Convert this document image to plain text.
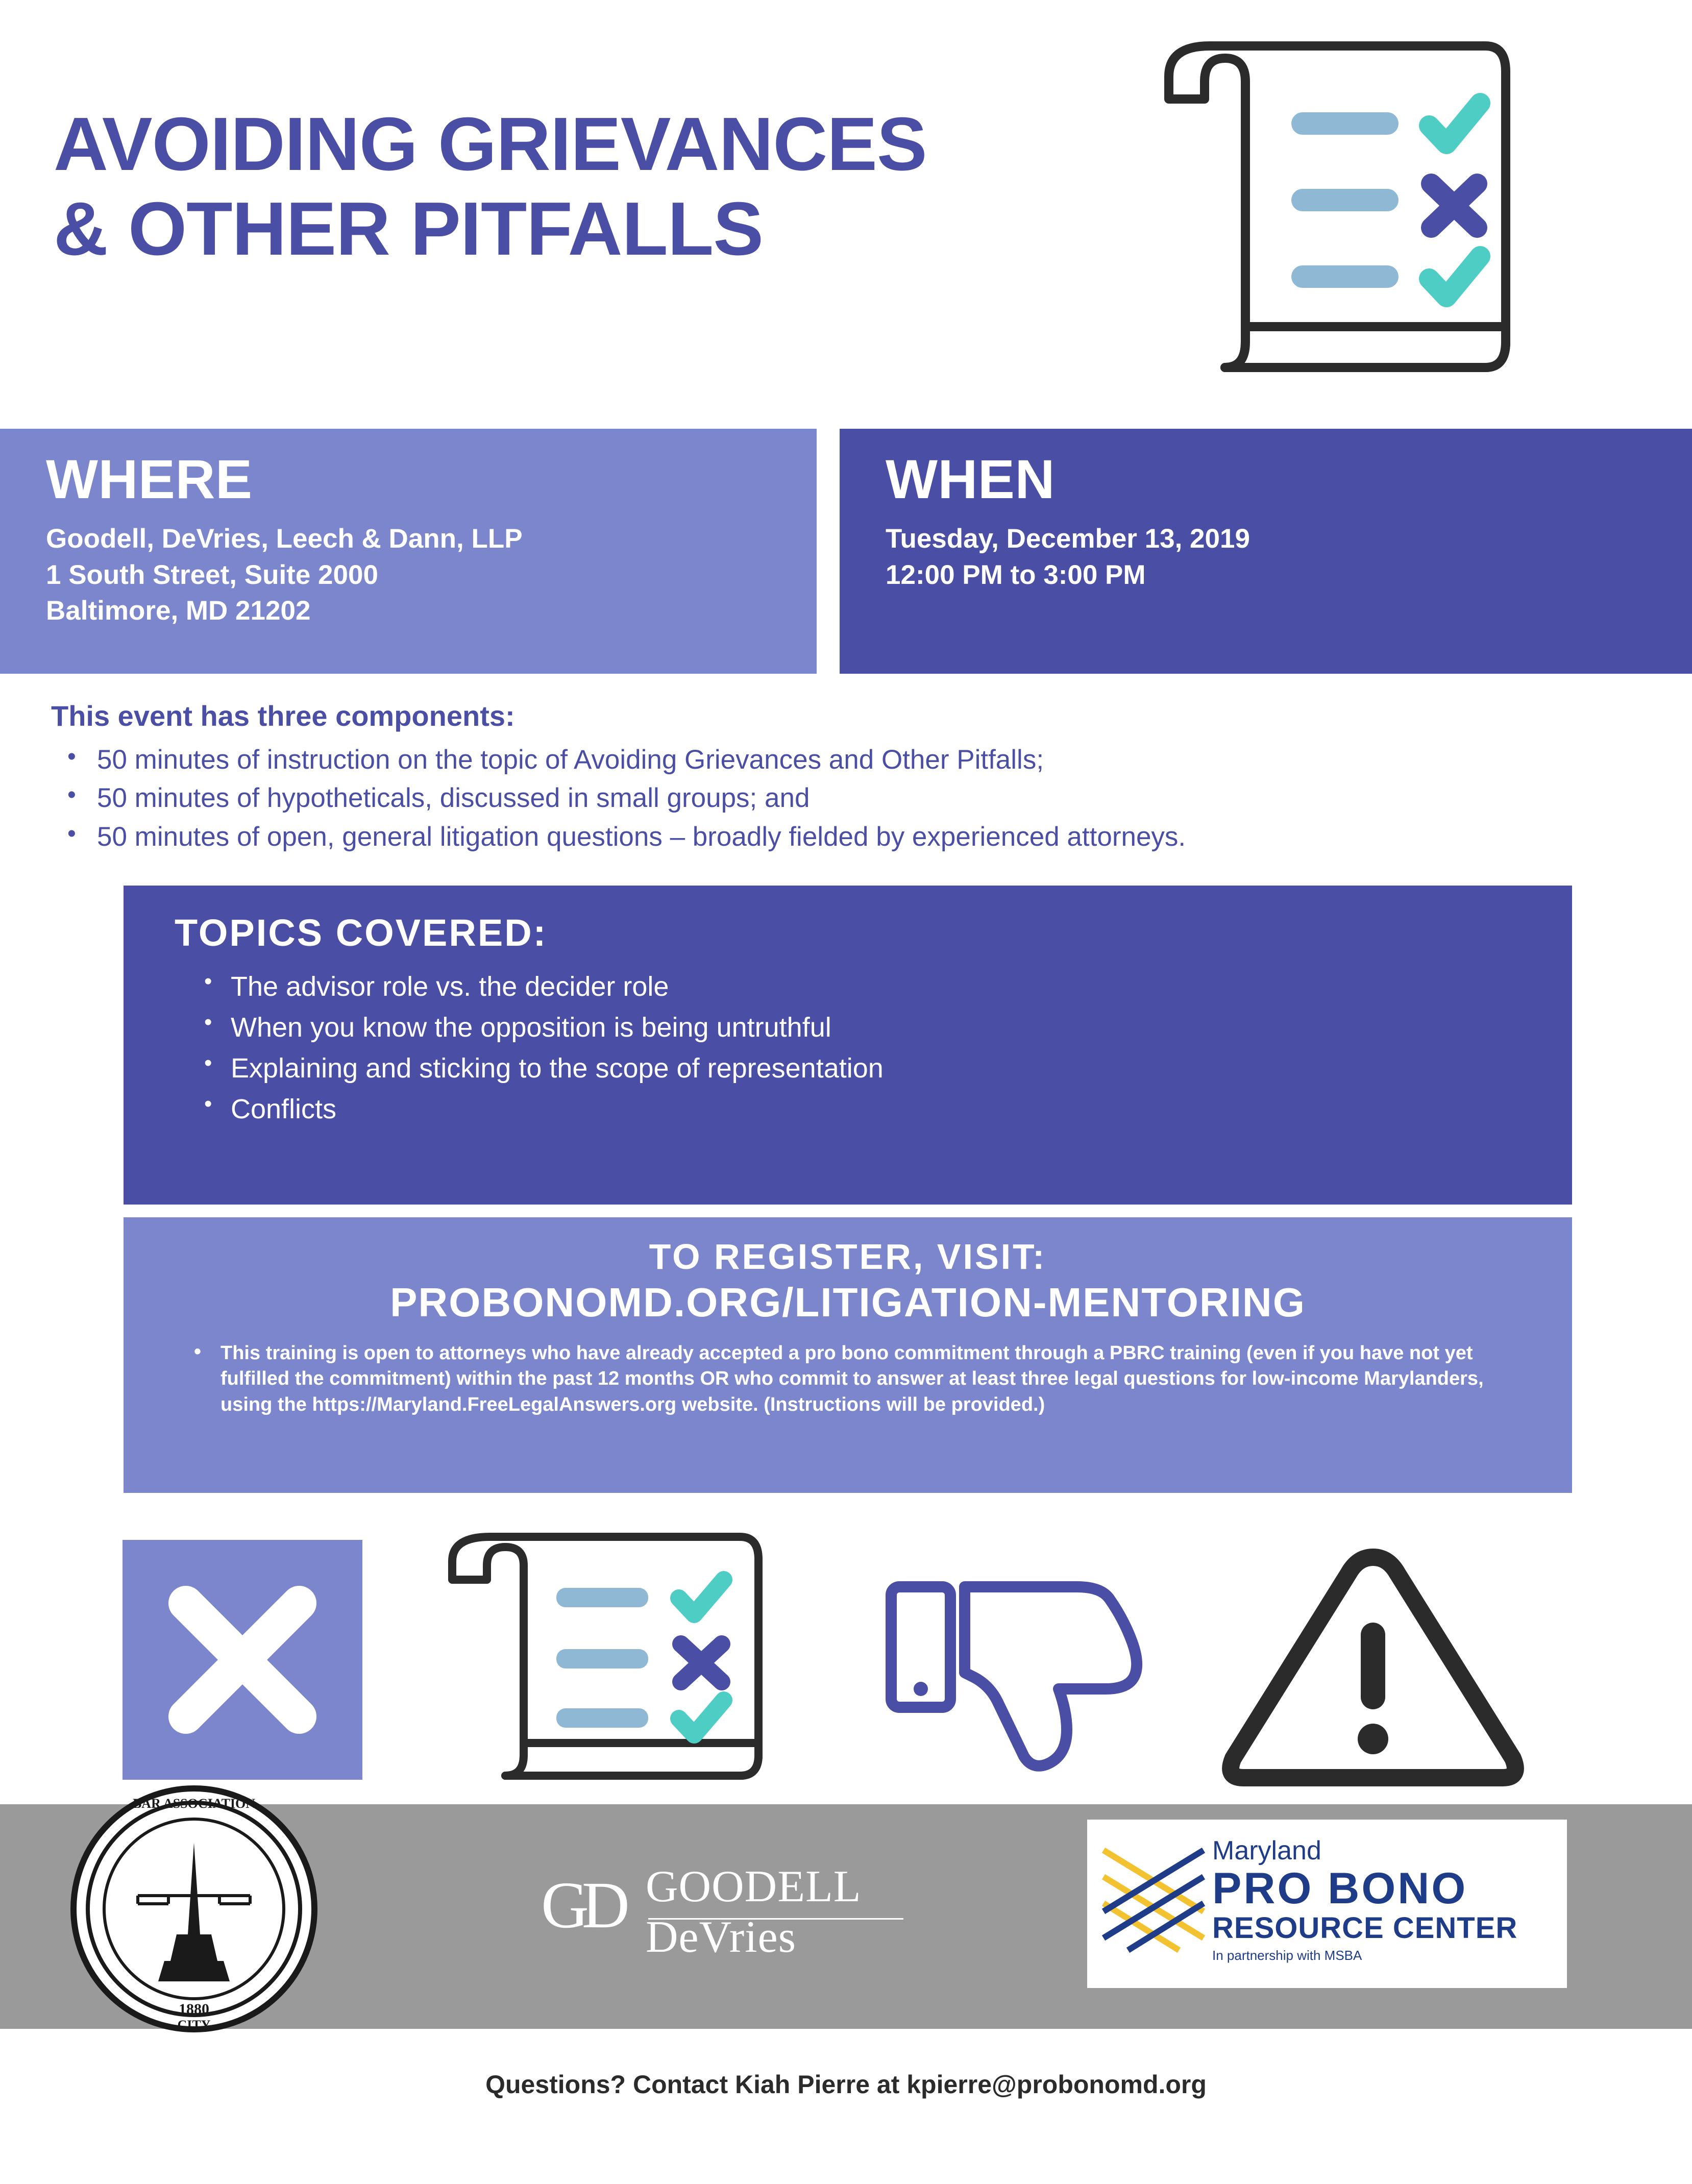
AVOIDING GRIEVANCES
& OTHER PITFALLS
WHERE
Goodell, DeVries, Leech & Dann, LLP
1 South Street, Suite 2000
Baltimore, MD 21202
WHEN
Tuesday, December 13, 2019
12:00 PM to 3:00 PM
This event has three components:
• 50 minutes of instruction on the topic of Avoiding Grievances and Other Pitfalls;
• 50 minutes of hypotheticals, discussed in small groups; and
• 50 minutes of open, general litigation questions – broadly fielded by experienced attorneys.
TOPICS COVERED:
• The advisor role vs. the decider role
• When you know the opposition is being untruthful
• Explaining and sticking to the scope of representation
• Conflicts
TO REGISTER, VISIT:
PROBONOMD.ORG/LITIGATION-MENTORING
• This training is open to attorneys who have already accepted a pro bono commitment through a PBRC training (even if you have not yet fulfilled the commitment) within the past 12 months OR who commit to answer at least three legal questions for low-income Marylanders, using the https://Maryland.FreeLegalAnswers.org website. (Instructions will be provided.)
1880
BAR ASSOCIATION
CITY
GD GOODELL
DeVries
Maryland
PRO BONO
RESOURCE CENTER
In partnership with MSBA
Questions? Contact Kiah Pierre at kpierre@probonomd.org
